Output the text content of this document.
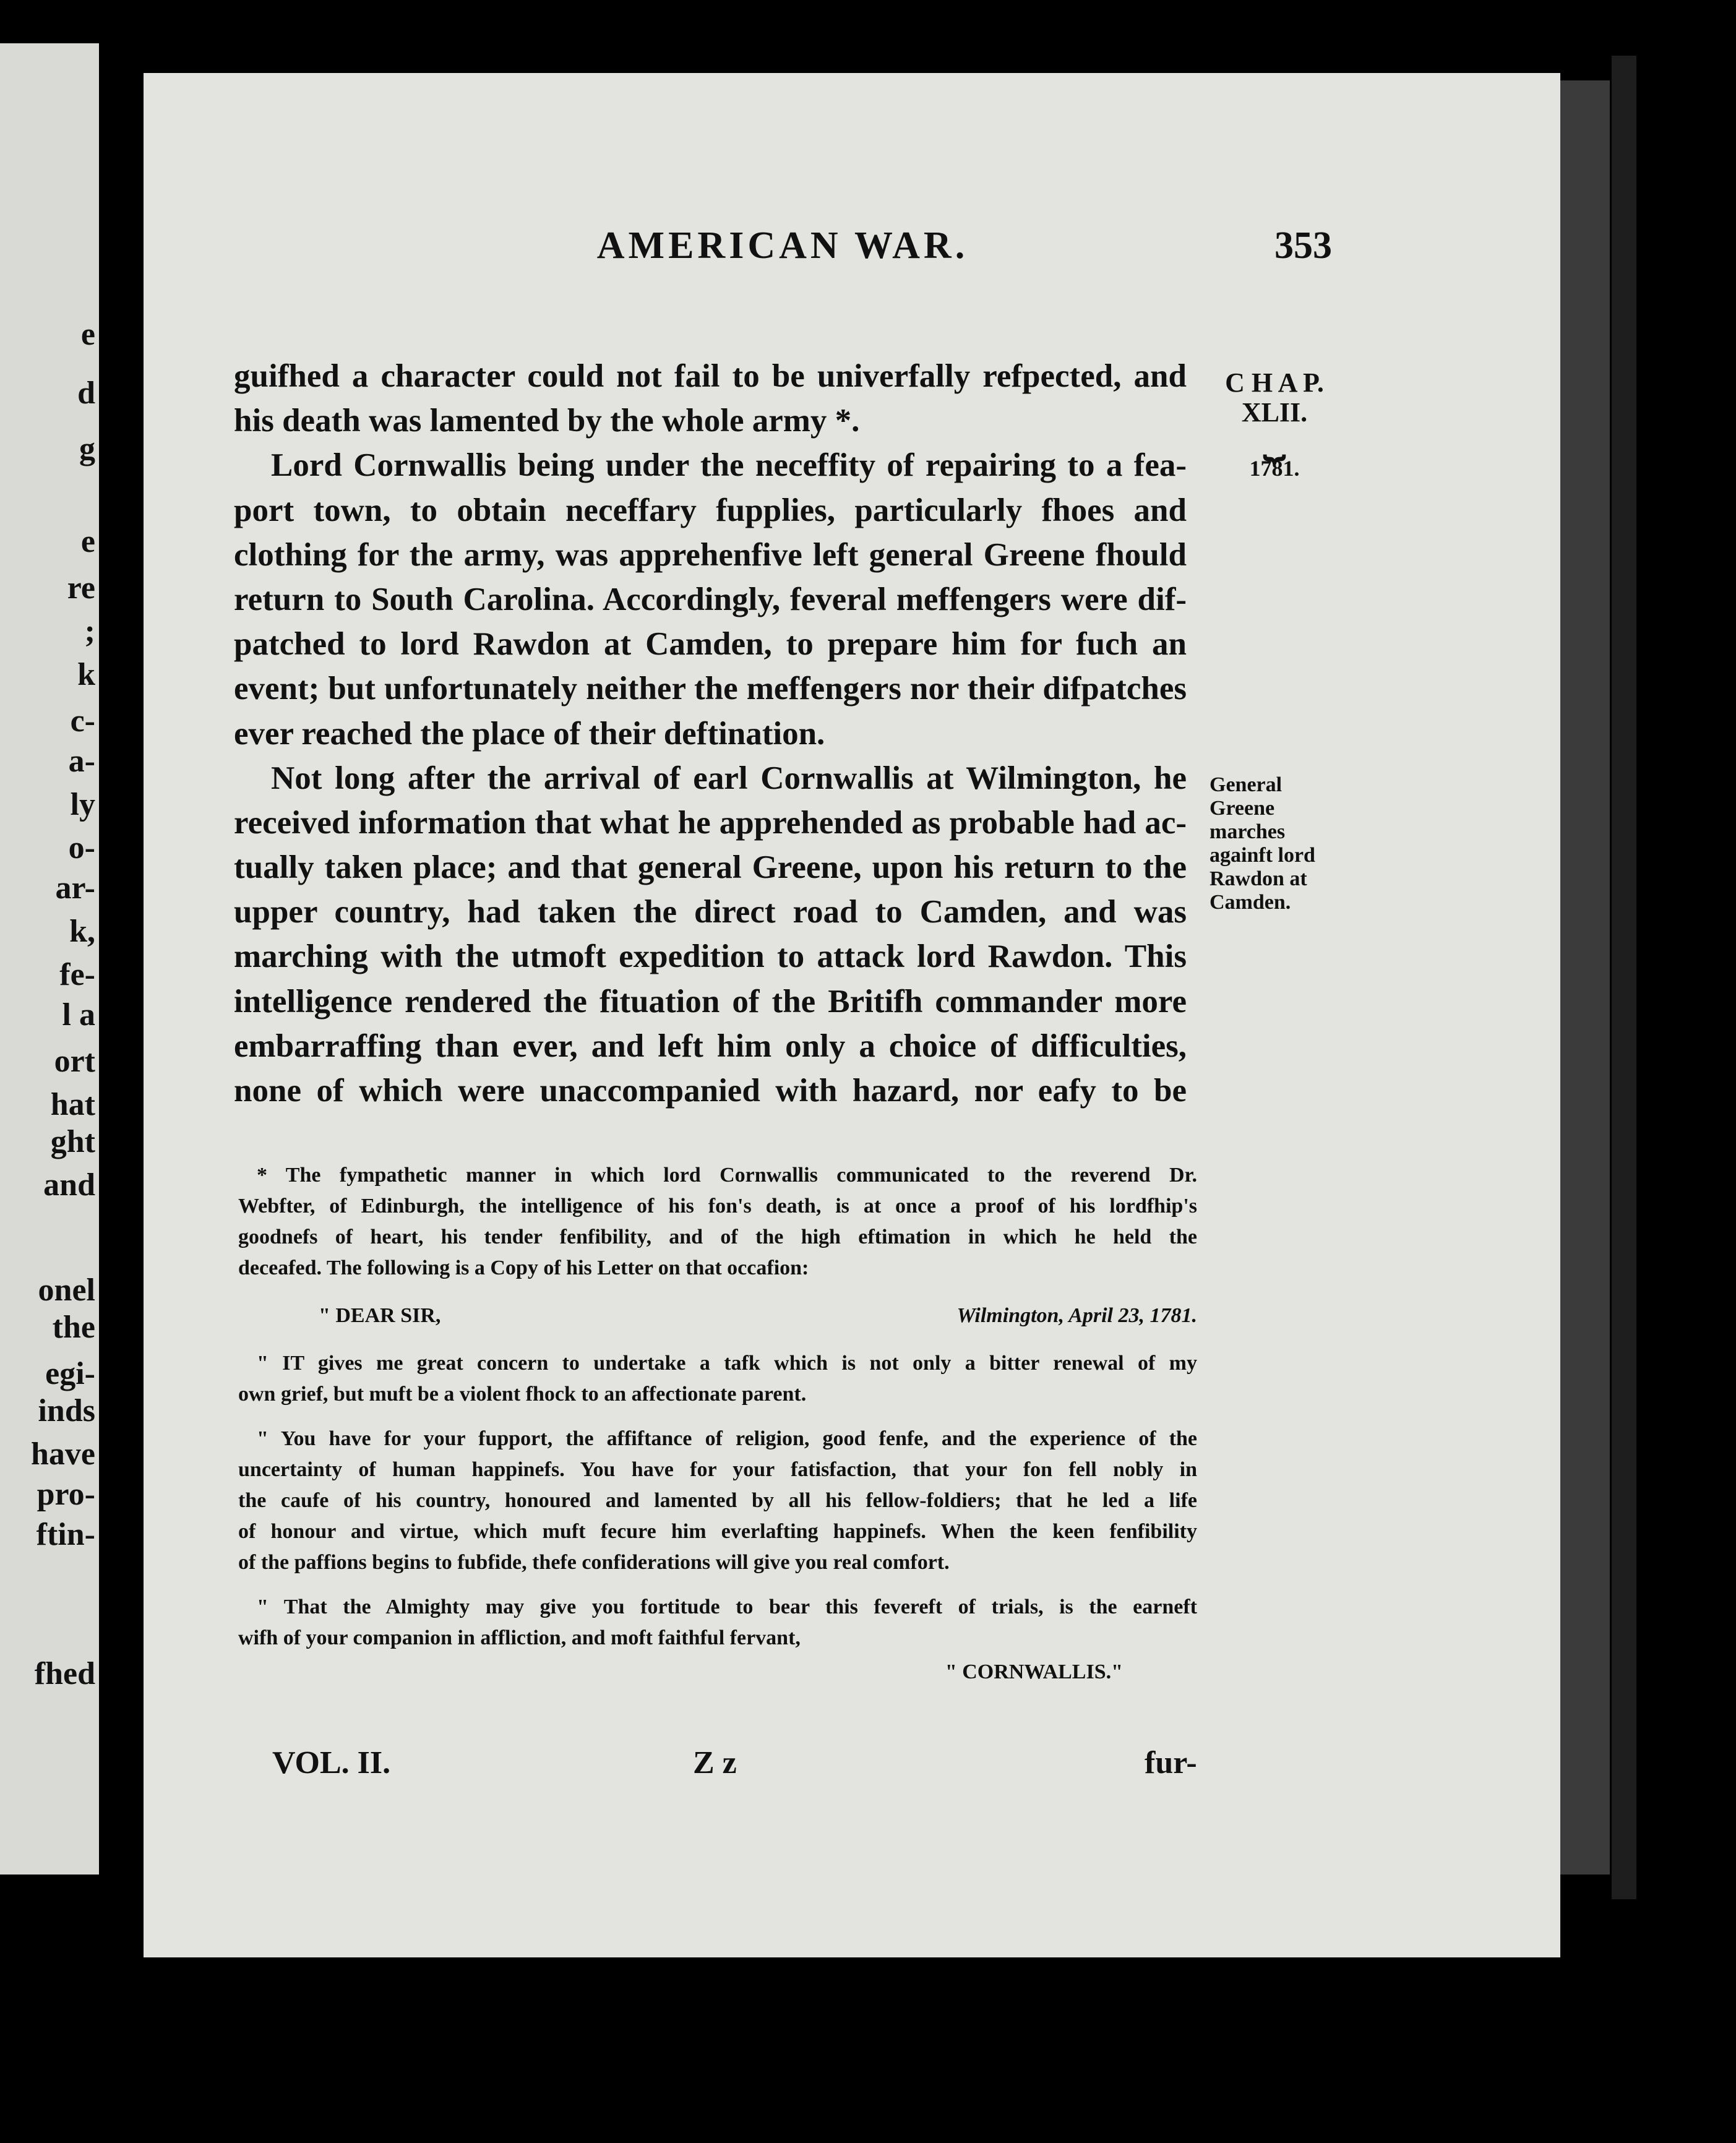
e
d
g
e
re
;
k
c-
a-
ly
o-
ar-
k,
fe-
l a
ort
hat
ght
and
onel
the
egi-
inds
have
pro-
ftin-
fhed
AMERICAN WAR.	353
C H A P.
XLII.
⏟
1781.
General
Greene
marches
againft lord
Rawdon at
Camden.
guifhed a character could not fail to be univerfally refpected, and
his death was lamented by the whole army *.
Lord Cornwallis being under the neceffity of repairing to a fea-
port town, to obtain neceffary fupplies, particularly fhoes and
clothing for the army, was apprehenfive left general Greene fhould
return to South Carolina. Accordingly, feveral meffengers were dif-
patched to lord Rawdon at Camden, to prepare him for fuch an
event; but unfortunately neither the meffengers nor their difpatches
ever reached the place of their deftination.
Not long after the arrival of earl Cornwallis at Wilmington, he
received information that what he apprehended as probable had ac-
tually taken place; and that general Greene, upon his return to the
upper country, had taken the direct road to Camden, and was
marching with the utmoft expedition to attack lord Rawdon. This
intelligence rendered the fituation of the Britifh commander more
embarraffing than ever, and left him only a choice of difficulties,
none of which were unaccompanied with hazard, nor eafy to be
* The fympathetic manner in which lord Cornwallis communicated to the reverend Dr.
Webfter, of Edinburgh, the intelligence of his fon's death, is at once a proof of his lordfhip's
goodnefs of heart, his tender fenfibility, and of the high eftimation in which he held the
deceafed. The following is a Copy of his Letter on that occafion:
" DEAR SIR,	Wilmington, April 23, 1781.
" IT gives me great concern to undertake a tafk which is not only a bitter renewal of my
own grief, but muft be a violent fhock to an affectionate parent.
" You have for your fupport, the affiftance of religion, good fenfe, and the experience of the
uncertainty of human happinefs. You have for your fatisfaction, that your fon fell nobly in
the caufe of his country, honoured and lamented by all his fellow-foldiers; that he led a life
of honour and virtue, which muft fecure him everlafting happinefs. When the keen fenfibility
of the paffions begins to fubfide, thefe confiderations will give you real comfort.
" That the Almighty may give you fortitude to bear this fevereft of trials, is the earneft
wifh of your companion in affliction, and moft faithful fervant,
" CORNWALLIS."
VOL. II.	Z z	fur-
